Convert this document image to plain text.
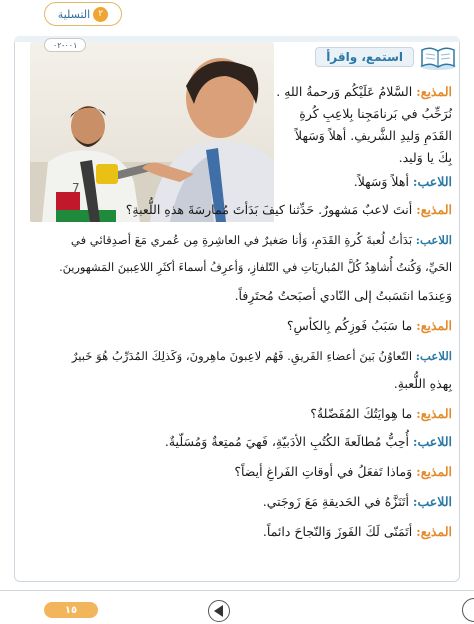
٢
التسلية
استمع، واقرأ
7
٠٠١-٠٢
المذيع: السَّلامُ عَلَيْكُم وَرحمةُ اللهِ .
نُرَحِّبُ في بَرنامَجِنا بِلاعِبِ كُرةِ
القَدَمِ وَليدِ الشَّريفِ. أهلاً وَسَهلاً
بِكَ يا وَليد.
اللاعب: أهلاً وَسَهلاً.
المذيع: أنتَ لاعبٌ مَشهورٌ. حَدِّثنا كيفَ بَدَأتَ مُمارسَةَ هذهِ اللُّعبةِ؟
اللاعب: بَدَأتُ لُعبةَ كُرةِ القَدَمِ، وَأنا صَغيرٌ في العاشِرةِ مِن عُمري مَعَ أصدِقائي في
الحَيِّ، وَكُنتُ أُشاهِدُ كُلَّ المُباريَاتِ في التّلفازِ، وَأعرِفُ أسماءَ أكثَرِ اللاعِبينَ المَشهورينَ.
وَعِندَما انتَسَبتُ إلى النّادي أصبَحتُ مُحتَرِفاً.
المذيع: ما سَبَبُ فَوزِكُم بِالكأسِ؟
اللاعب: التّعاوُنُ بَينَ أعضاءِ الفَريقِ. فَهُم لاعِبونَ ماهِرونَ، وَكَذلِكَ المُدَرِّبُ هُوَ خَبيرٌ
بِهذهِ اللُّعبةِ.
المذيع: ما هِوايَتُكَ المُفَضّلةُ؟
اللاعب: أُحِبُّ مُطالَعةَ الكُتُبِ الأدَبيّةِ، فَهيَ مُمتِعةٌ وَمُسَلّيةٌ.
المذيع: وَماذا تَفعَلُ في أوقاتِ الفَراغِ أيضاً؟
اللاعب: أتَنَزَّهُ في الحَديقةِ مَعَ زَوجَتي.
المذيع: أتَمَنّى لَكَ الفَوزَ وَالنّجاحَ دائماً.
١٥
